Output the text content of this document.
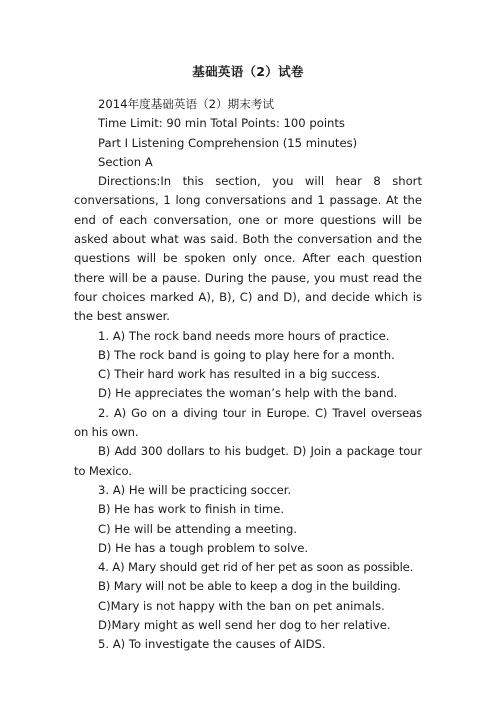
基础英语（2）试卷

2014年度基础英语（2）期末考试

Time Limit: 90 min Total Points: 100 points

Part I Listening Comprehension (15 minutes)

Section A

Directions:In this section, you will hear 8 short conversations, 1 long conversations and 1 passage. At the end of each conversation, one or more questions will be asked about what was said. Both the conversation and the questions will be spoken only once. After each question there will be a pause. During the pause, you must read the four choices marked A), B), C) and D), and decide which is the best answer.

1. A) The rock band needs more hours of practice.

B) The rock band is going to play here for a month.

C) Their hard work has resulted in a big success.

D) He appreciates the woman’s help with the band.

2. A) Go on a diving tour in Europe. C) Travel overseas on his own.

B) Add 300 dollars to his budget. D) Join a package tour to Mexico.

3. A) He will be practicing soccer.

B) He has work to finish in time.

C) He will be attending a meeting.

D) He has a tough problem to solve.

4. A) Mary should get rid of her pet as soon as possible.

B) Mary will not be able to keep a dog in the building.

C)Mary is not happy with the ban on pet animals.

D)Mary might as well send her dog to her relative.

5. A) To investigate the causes of AIDS.
